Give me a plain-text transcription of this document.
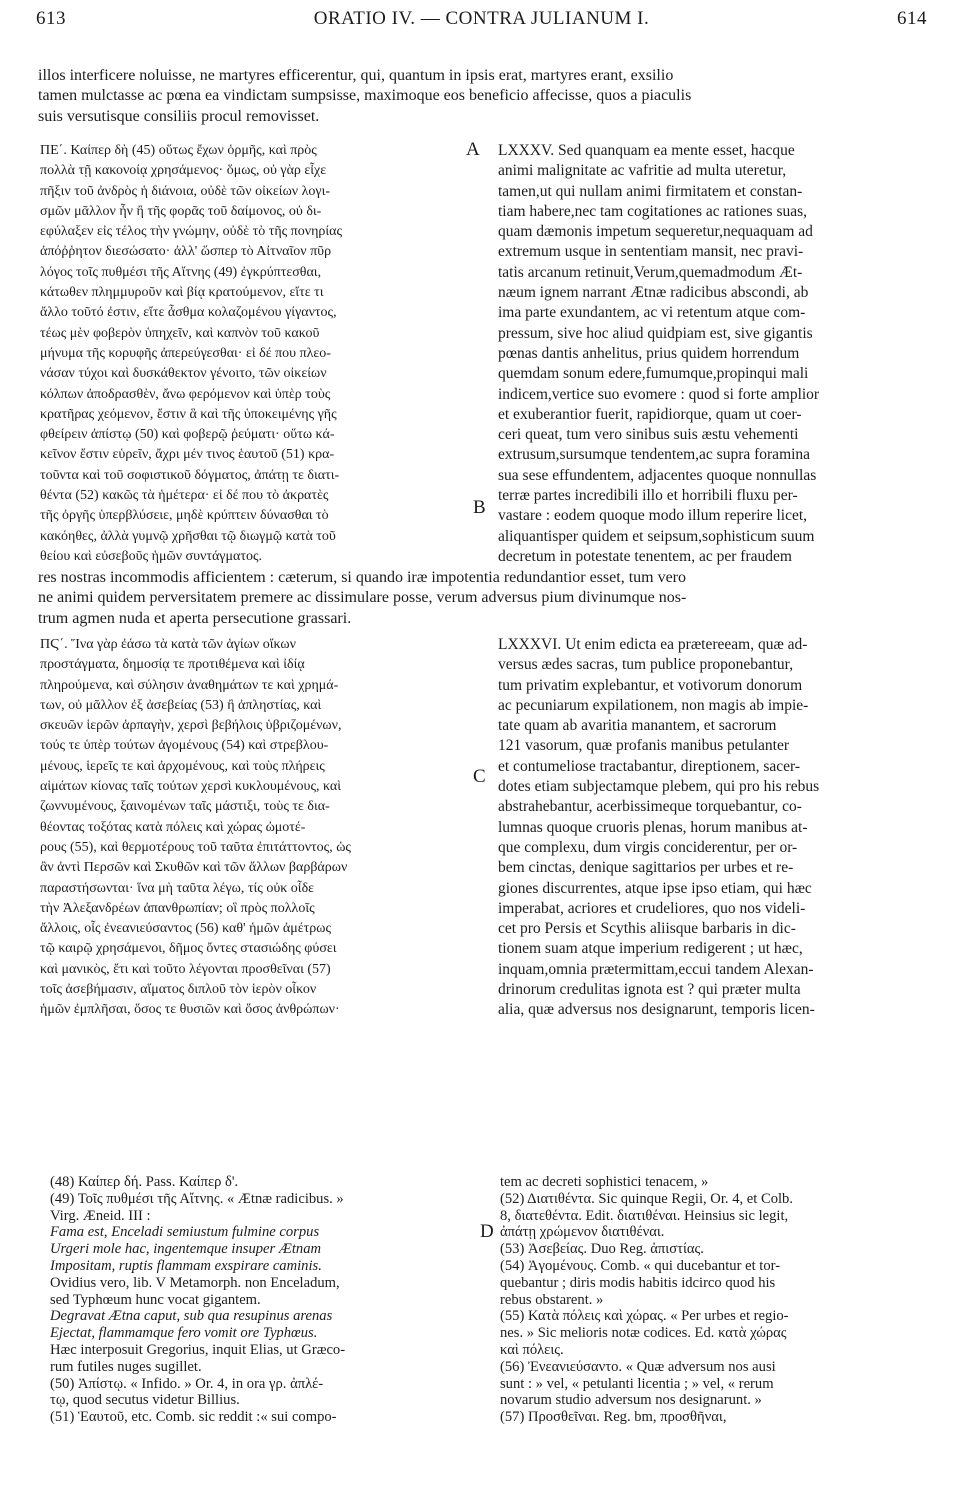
613	ORATIO IV. — CONTRA JULIANUM I.	614
illos interficere noluisse, ne martyres efficerentur, qui, quantum in ipsis erat, martyres erant, exsilio
tamen mulctasse ac pœna ea vindictam sumpsisse, maximoque eos beneficio affecisse, quos a piaculis
suis versutisque consiliis procul removisset.
ΠΕ΄. Καίπερ δὴ (45) οὕτως ἔχων ὁρμῆς, καὶ πρὸς
πολλὰ τῇ κακονοίᾳ χρησάμενος· ὅμως, οὐ γὰρ εἶχε
πῆξιν τοῦ ἀνδρὸς ἡ διάνοια, οὐδὲ τῶν οἰκείων λογι-
σμῶν μᾶλλον ἦν ἢ τῆς φορᾶς τοῦ δαίμονος, οὐ δι-
εφύλαξεν εἰς τέλος τὴν γνώμην, οὐδὲ τὸ τῆς πονηρίας
ἀπόῤῥητον διεσώσατο· ἀλλ' ὥσπερ τὸ Αἰτναῖον πῦρ
λόγος τοῖς πυθμέσι τῆς Αἴτνης (49) ἐγκρύπτεσθαι,
κάτωθεν πλημμυροῦν καὶ βίᾳ κρατούμενον, εἴτε τι
ἄλλο τοῦτό ἐστιν, εἴτε ἆσθμα κολαζομένου γίγαντος,
τέως μὲν φοβερὸν ὑπηχεῖν, καὶ καπνὸν τοῦ κακοῦ
μήνυμα τῆς κορυφῆς ἀπερεύγεσθαι· εἰ δέ που πλεο-
νάσαν τύχοι καὶ δυσκάθεκτον γένοιτο, τῶν οἰκείων
κόλπων ἀποδρασθὲν, ἄνω φερόμενον καὶ ὑπὲρ τοὺς
κρατῆρας χεόμενον, ἔστιν ἃ καὶ τῆς ὑποκειμένης γῆς
φθείρειν ἀπίστῳ (50) καὶ φοβερῷ ῥεύματι· οὕτω κά-
κεῖνον ἔστιν εὑρεῖν, ἄχρι μέν τινος ἑαυτοῦ (51) κρα-
τοῦντα καὶ τοῦ σοφιστικοῦ δόγματος, ἀπάτῃ τε διατι-
θέντα (52) κακῶς τὰ ἡμέτερα· εἰ δέ που τὸ ἀκρατὲς
τῆς ὀργῆς ὑπερβλύσειε, μηδὲ κρύπτειν δύνασθαι τὸ
κακόηθες, ἀλλὰ γυμνῷ χρῆσθαι τῷ διωγμῷ κατὰ τοῦ
θείου καὶ εὐσεβοῦς ἡμῶν συντάγματος.
LXXXV. Sed quanquam ea mente esset, hacque
animi malignitate ac vafritie ad multa uteretur,
tamen,ut qui nullam animi firmitatem et constan-
tiam habere,nec tam cogitationes ac rationes suas,
quam dæmonis impetum sequeretur,nequaquam ad
extremum usque in sententiam mansit, nec pravi-
tatis arcanum retinuit,Verum,quemadmodum Æt-
næum ignem narrant Ætnæ radicibus abscondi, ab
ima parte exundantem, ac vi retentum atque com-
pressum, sive hoc aliud quidpiam est, sive gigantis
pœnas dantis anhelitus, prius quidem horrendum
quemdam sonum edere,fumumque,propinqui mali
indicem,vertice suo evomere : quod si forte amplior
et exuberantior fuerit, rapidiorque, quam ut coer-
ceri queat, tum vero sinibus suis æstu vehementi
extrusum,sursumque tendentem,ac supra foramina
sua sese effundentem, adjacentes quoque nonnullas
terræ partes incredibili illo et horribili fluxu per-
vastare : eodem quoque modo illum reperire licet,
aliquantisper quidem et seipsum,sophisticum suum
decretum in potestate tenentem, ac per fraudem
A
B
res nostras incommodis afficientem : cæterum, si quando iræ impotentia redundantior esset, tum vero
ne animi quidem perversitatem premere ac dissimulare posse, verum adversus pium divinumque nos-
trum agmen nuda et aperta persecutione grassari.
ΠϚ΄. Ἵνα γὰρ ἐάσω τὰ κατὰ τῶν ἁγίων οἴκων
προστάγματα, δημοσίᾳ τε προτιθέμενα καὶ ἰδίᾳ
πληρούμενα, καὶ σύλησιν ἀναθημάτων τε καὶ χρημά-
των, οὐ μᾶλλον ἐξ ἀσεβείας (53) ἢ ἀπληστίας, καὶ
σκευῶν ἱερῶν ἁρπαγὴν, χερσὶ βεβήλοις ὑβριζομένων,
τούς τε ὑπὲρ τούτων ἀγομένους (54) καὶ στρεβλου-
μένους, ἱερεῖς τε καὶ ἀρχομένους, καὶ τοὺς πλήρεις
αἱμάτων κίονας ταῖς τούτων χερσὶ κυκλουμένους, καὶ
ζωννυμένους, ξαινομένων ταῖς μάστιξι, τοὺς τε δια-
θέοντας τοξότας κατὰ πόλεις καὶ χώρας ὠμοτέ-
ρους (55), καὶ θερμοτέρους τοῦ ταῦτα ἐπιτάττοντος, ὡς
ἂν ἀντὶ Περσῶν καὶ Σκυθῶν καὶ τῶν ἄλλων βαρβάρων
παραστήσωνται· ἵνα μὴ ταῦτα λέγω, τίς οὐκ οἶδε
τὴν Ἀλεξανδρέων ἀπανθρωπίαν; οἳ πρὸς πολλοῖς
ἄλλοις, οἷς ἐνεανιεύσαντος (56) καθ' ἡμῶν ἀμέτρως
τῷ καιρῷ χρησάμενοι, δῆμος ὄντες στασιώδης φύσει
καὶ μανικὸς, ἔτι καὶ τοῦτο λέγονται προσθεῖναι (57)
τοῖς ἀσεβήμασιν, αἵματος διπλοῦ τὸν ἱερὸν οἶκον
ἡμῶν ἐμπλῆσαι, ὅσος τε θυσιῶν καὶ ὅσος ἀνθρώπων·
LXXXVI. Ut enim edicta ea prætereeam, quæ ad-
versus ædes sacras, tum publice proponebantur,
tum privatim explebantur, et votivorum donorum
ac pecuniarum expilationem, non magis ab impie-
tate quam ab avaritia manantem, et sacrorum
121 vasorum, quæ profanis manibus petulanter
et contumeliose tractabantur, direptionem, sacer-
dotes etiam subjectamque plebem, qui pro his rebus
abstrahebantur, acerbissimeque torquebantur, co-
lumnas quoque cruoris plenas, horum manibus at-
que complexu, dum virgis conciderentur, per or-
bem cinctas, denique sagittarios per urbes et re-
giones discurrentes, atque ipse ipso etiam, qui hæc
imperabat, acriores et crudeliores, quo nos videli-
cet pro Persis et Scythis aliisque barbaris in dic-
tionem suam atque imperium redigerent ; ut hæc,
inquam,omnia prætermittam,eccui tandem Alexan-
drinorum credulitas ignota est ? qui præter multa
alia, quæ adversus nos designarunt, temporis licen-
C
D
(48) Καίπερ δή. Pass. Καίπερ δ'.
(49) Τοῖς πυθμέσι τῆς Αἴτνης. « Ætnæ radicibus. »
Virg. Æneid. III :
Fama est, Enceladi semiustum fulmine corpus
Urgeri mole hac, ingentemque insuper Ætnam
Impositam, ruptis flammam exspirare caminis.
Ovidius vero, lib. V Metamorph. non Enceladum,
sed Typhœum hunc vocat gigantem.
Degravat Ætna caput, sub qua resupinus arenas
Ejectat, flammamque fero vomit ore Typhœus.
Hæc interposuit Gregorius, inquit Elias, ut Græco-
rum futiles nuges sugillet.
(50) Ἀπίστῳ. « Infido. » Or. 4, in ora γρ. ἀπλέ-
τῳ, quod secutus videtur Billius.
(51) Ἑαυτοῦ, etc. Comb. sic reddit :« sui compo-
tem ac decreti sophistici tenacem, »
(52) Διατιθέντα. Sic quinque Regii, Or. 4, et Colb.
8, διατεθέντα. Edit. διατιθέναι. Heinsius sic legit,
ἀπάτῃ χρώμενον διατιθέναι.
(53) Ἀσεβείας. Duo Reg. ἀπιστίας.
(54) Ἀγομένους. Comb. « qui ducebantur et tor-
quebantur ; diris modis habitis idcirco quod his
rebus obstarent. »
(55) Κατὰ πόλεις καὶ χώρας. « Per urbes et regio-
nes. » Sic melioris notæ codices. Ed. κατὰ χώρας
καὶ πόλεις.
(56) Ἐνεανιεύσαντο. « Quæ adversum nos ausi
sunt : » vel, « petulanti licentia ; » vel, « rerum
novarum studio adversum nos designarunt. »
(57) Προσθεῖναι. Reg. bm, προσθῆναι,
